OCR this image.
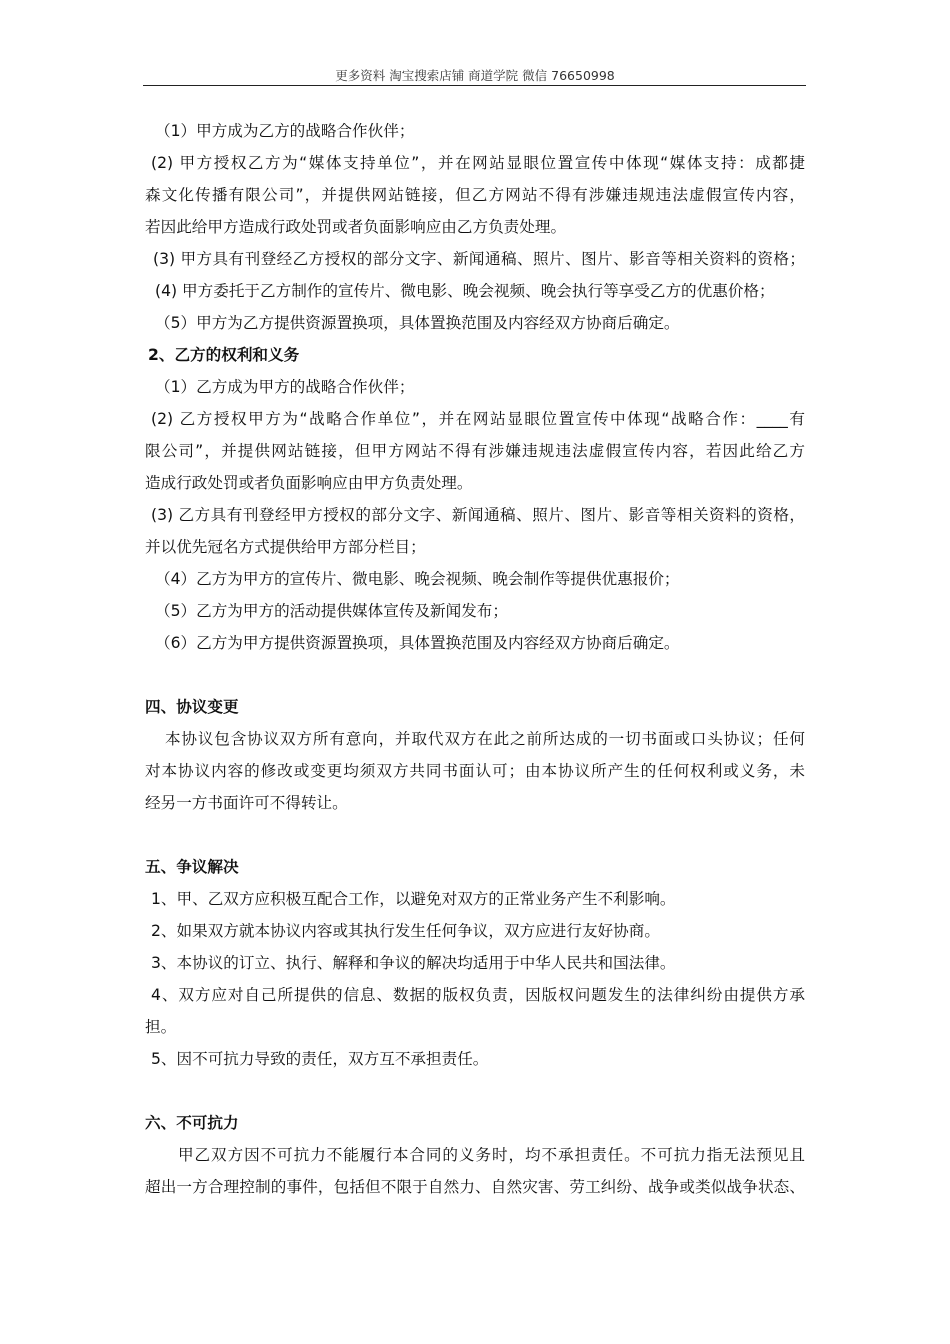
更多资料 淘宝搜索店铺 商道学院 微信 76650998
（1）甲方成为乙方的战略合作伙伴；
(2) 甲方授权乙方为“媒体支持单位”，并在网站显眼位置宣传中体现“媒体支持：成都捷
森文化传播有限公司”，并提供网站链接，但乙方网站不得有涉嫌违规违法虚假宣传内容，
若因此给甲方造成行政处罚或者负面影响应由乙方负责处理。
(3) 甲方具有刊登经乙方授权的部分文字、新闻通稿、照片、图片、影音等相关资料的资格；
(4) 甲方委托于乙方制作的宣传片、微电影、晚会视频、晚会执行等享受乙方的优惠价格；
（5）甲方为乙方提供资源置换项，具体置换范围及内容经双方协商后确定。
2、乙方的权利和义务
（1）乙方成为甲方的战略合作伙伴；
(2) 乙方授权甲方为“战略合作单位”，并在网站显眼位置宣传中体现“战略合作：____有
限公司”，并提供网站链接，但甲方网站不得有涉嫌违规违法虚假宣传内容，若因此给乙方
造成行政处罚或者负面影响应由甲方负责处理。
(3) 乙方具有刊登经甲方授权的部分文字、新闻通稿、照片、图片、影音等相关资料的资格，
并以优先冠名方式提供给甲方部分栏目；
（4）乙方为甲方的宣传片、微电影、晚会视频、晚会制作等提供优惠报价；
（5）乙方为甲方的活动提供媒体宣传及新闻发布；
（6）乙方为甲方提供资源置换项，具体置换范围及内容经双方协商后确定。
四、协议变更
本协议包含协议双方所有意向，并取代双方在此之前所达成的一切书面或口头协议；任何
对本协议内容的修改或变更均须双方共同书面认可；由本协议所产生的任何权利或义务，未
经另一方书面许可不得转让。
五、争议解决
1、甲、乙双方应积极互配合工作，以避免对双方的正常业务产生不利影响。
2、如果双方就本协议内容或其执行发生任何争议，双方应进行友好协商。
3、本协议的订立、执行、解释和争议的解决均适用于中华人民共和国法律。
4、双方应对自己所提供的信息、数据的版权负责，因版权问题发生的法律纠纷由提供方承
担。
5、因不可抗力导致的责任，双方互不承担责任。
六、不可抗力
甲乙双方因不可抗力不能履行本合同的义务时，均不承担责任。不可抗力指无法预见且
超出一方合理控制的事件，包括但不限于自然力、自然灾害、劳工纠纷、战争或类似战争状态、
